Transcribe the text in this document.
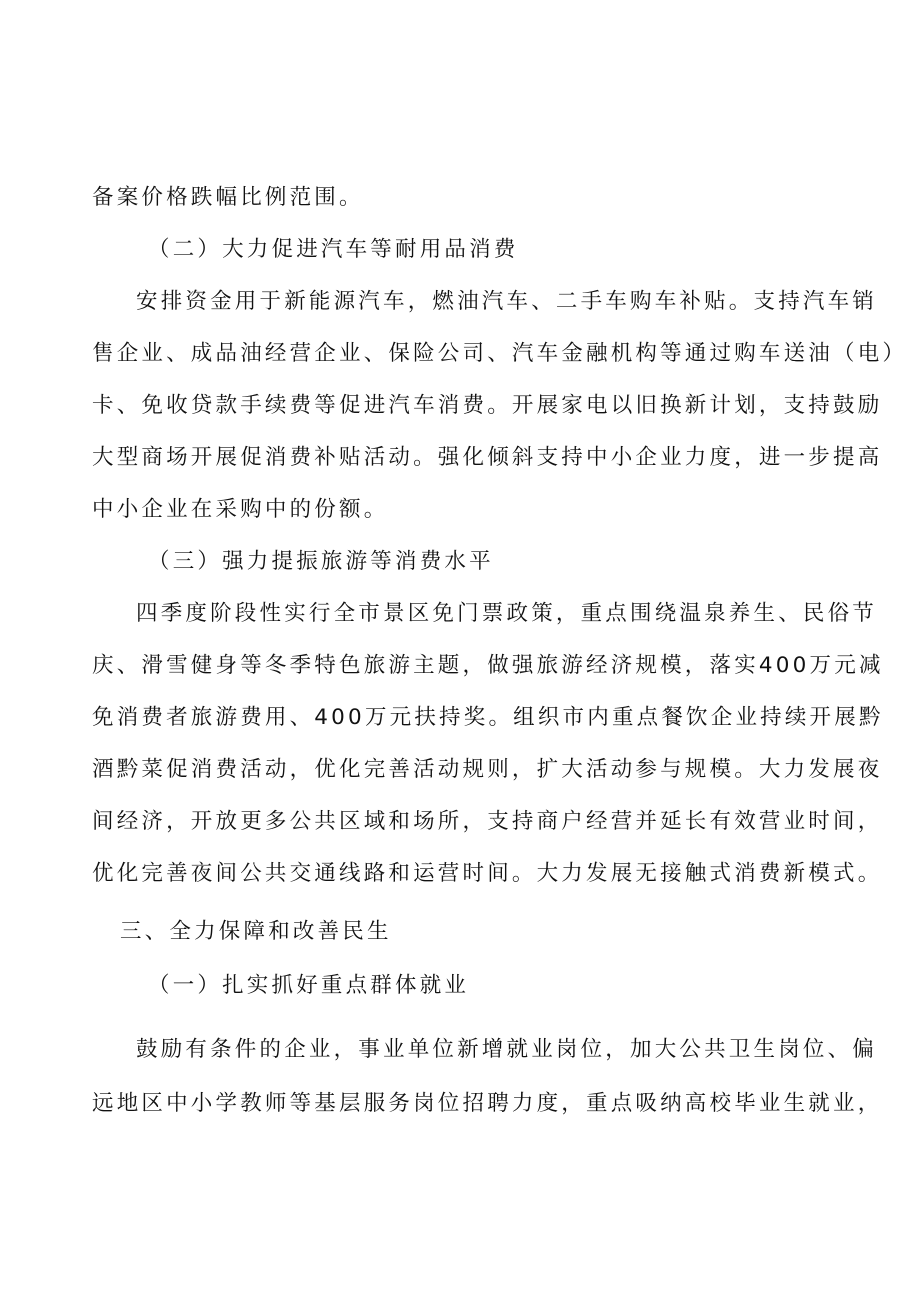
备案价格跌幅比例范围。
（二）大力促进汽车等耐用品消费
安排资金用于新能源汽车，燃油汽车、二手车购车补贴。支持汽车销
售企业、成品油经营企业、保险公司、汽车金融机构等通过购车送油（电）
卡、免收贷款手续费等促进汽车消费。开展家电以旧换新计划，支持鼓励
大型商场开展促消费补贴活动。强化倾斜支持中小企业力度，进一步提高
中小企业在采购中的份额。
（三）强力提振旅游等消费水平
四季度阶段性实行全市景区免门票政策，重点围绕温泉养生、民俗节
庆、滑雪健身等冬季特色旅游主题，做强旅游经济规模，落实400万元减
免消费者旅游费用、400万元扶持奖。组织市内重点餐饮企业持续开展黔
酒黔菜促消费活动，优化完善活动规则，扩大活动参与规模。大力发展夜
间经济，开放更多公共区域和场所，支持商户经营并延长有效营业时间，
优化完善夜间公共交通线路和运营时间。大力发展无接触式消费新模式。
三、全力保障和改善民生
（一）扎实抓好重点群体就业
鼓励有条件的企业，事业单位新增就业岗位，加大公共卫生岗位、偏
远地区中小学教师等基层服务岗位招聘力度，重点吸纳高校毕业生就业，
